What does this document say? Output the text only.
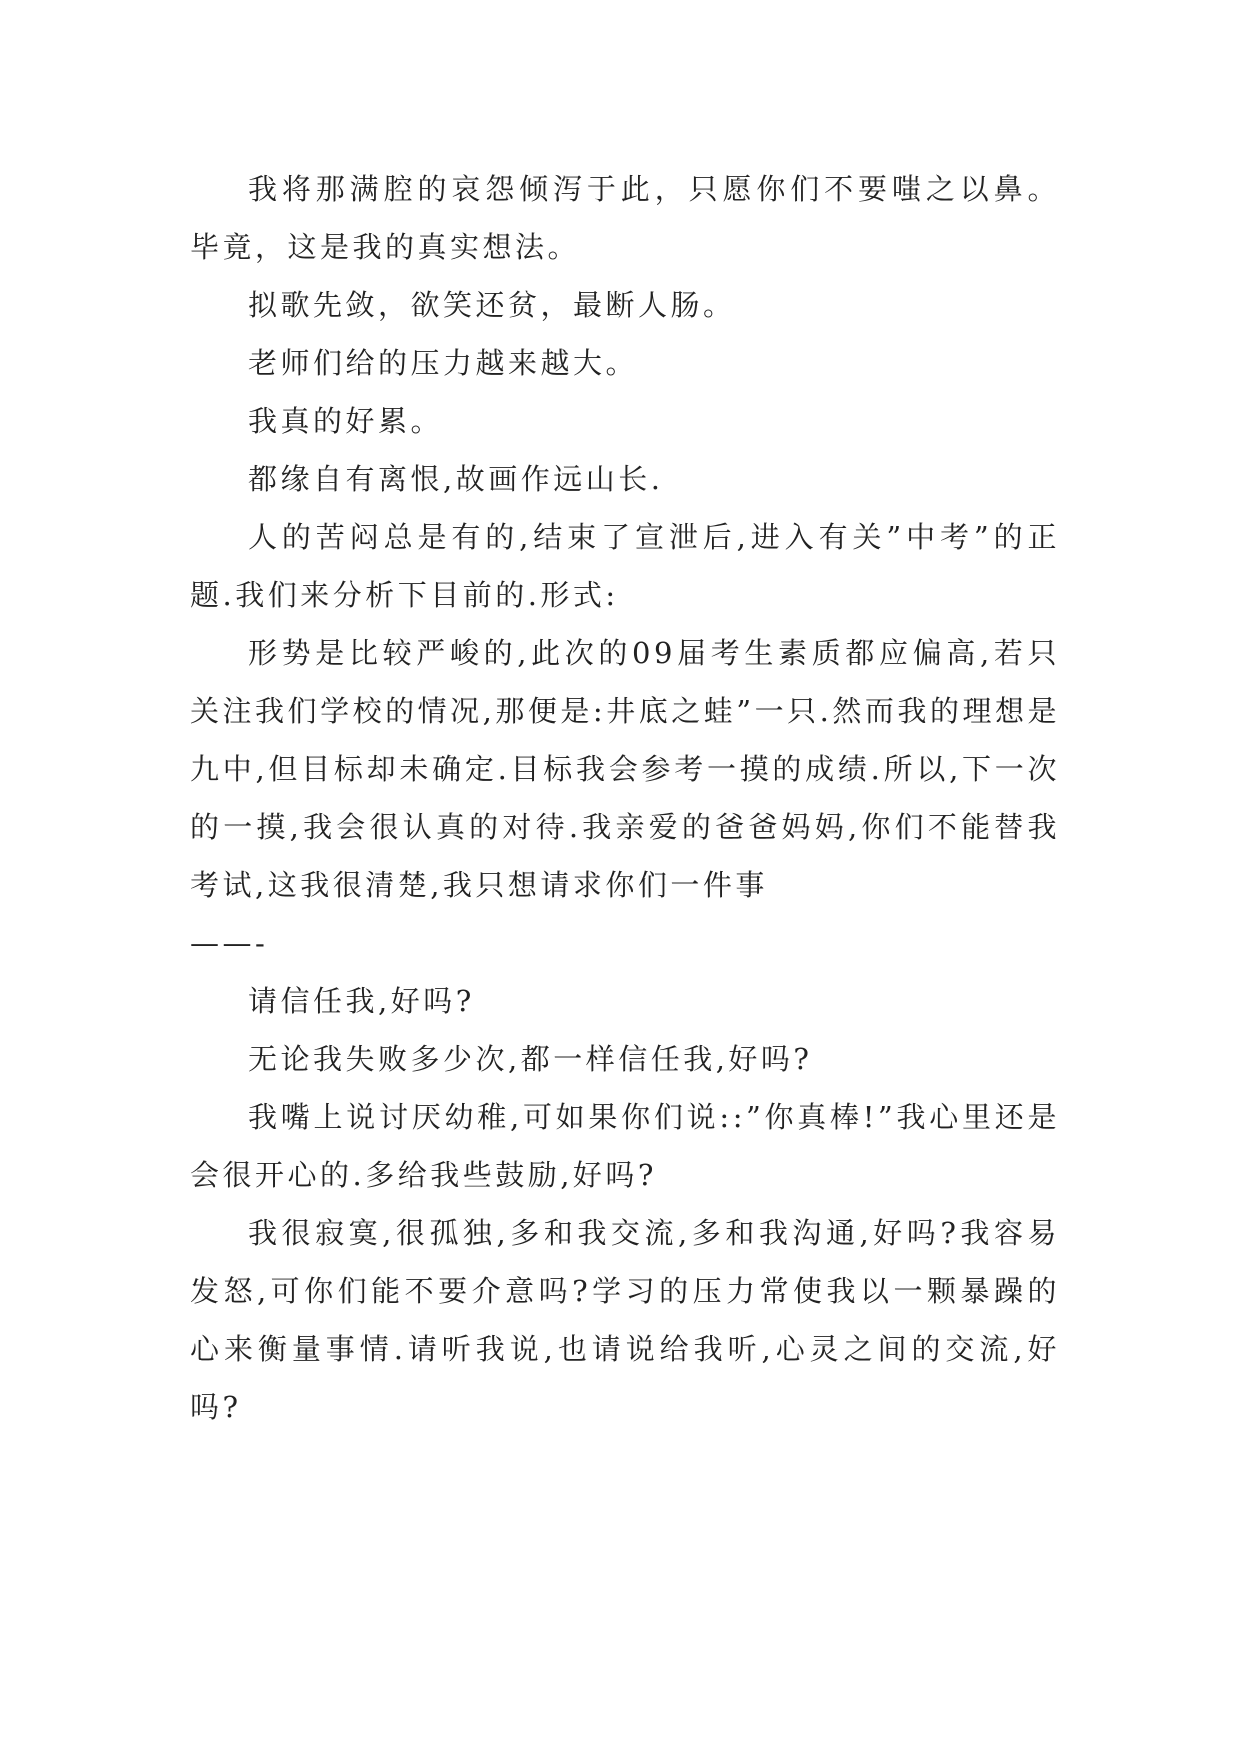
我将那满腔的哀怨倾泻于此，只愿你们不要嗤之以鼻。毕竟，这是我的真实想法。

拟歌先敛，欲笑还贫，最断人肠。

老师们给的压力越来越大。

我真的好累。

都缘自有离恨,故画作远山长.

人的苦闷总是有的,结束了宣泄后,进入有关”中考”的正题.我们来分析下目前的.形式:

形势是比较严峻的,此次的09届考生素质都应偏高,若只关注我们学校的情况,那便是:井底之蛙”一只.然而我的理想是九中,但目标却未确定.目标我会参考一摸的成绩.所以,下一次的一摸,我会很认真的对待.我亲爱的爸爸妈妈,你们不能替我考试,这我很清楚,我只想请求你们一件事

——-

请信任我,好吗?

无论我失败多少次,都一样信任我,好吗?

我嘴上说讨厌幼稚,可如果你们说::”你真棒!”我心里还是会很开心的.多给我些鼓励,好吗?

我很寂寞,很孤独,多和我交流,多和我沟通,好吗?我容易发怒,可你们能不要介意吗?学习的压力常使我以一颗暴躁的心来衡量事情.请听我说,也请说给我听,心灵之间的交流,好吗?
